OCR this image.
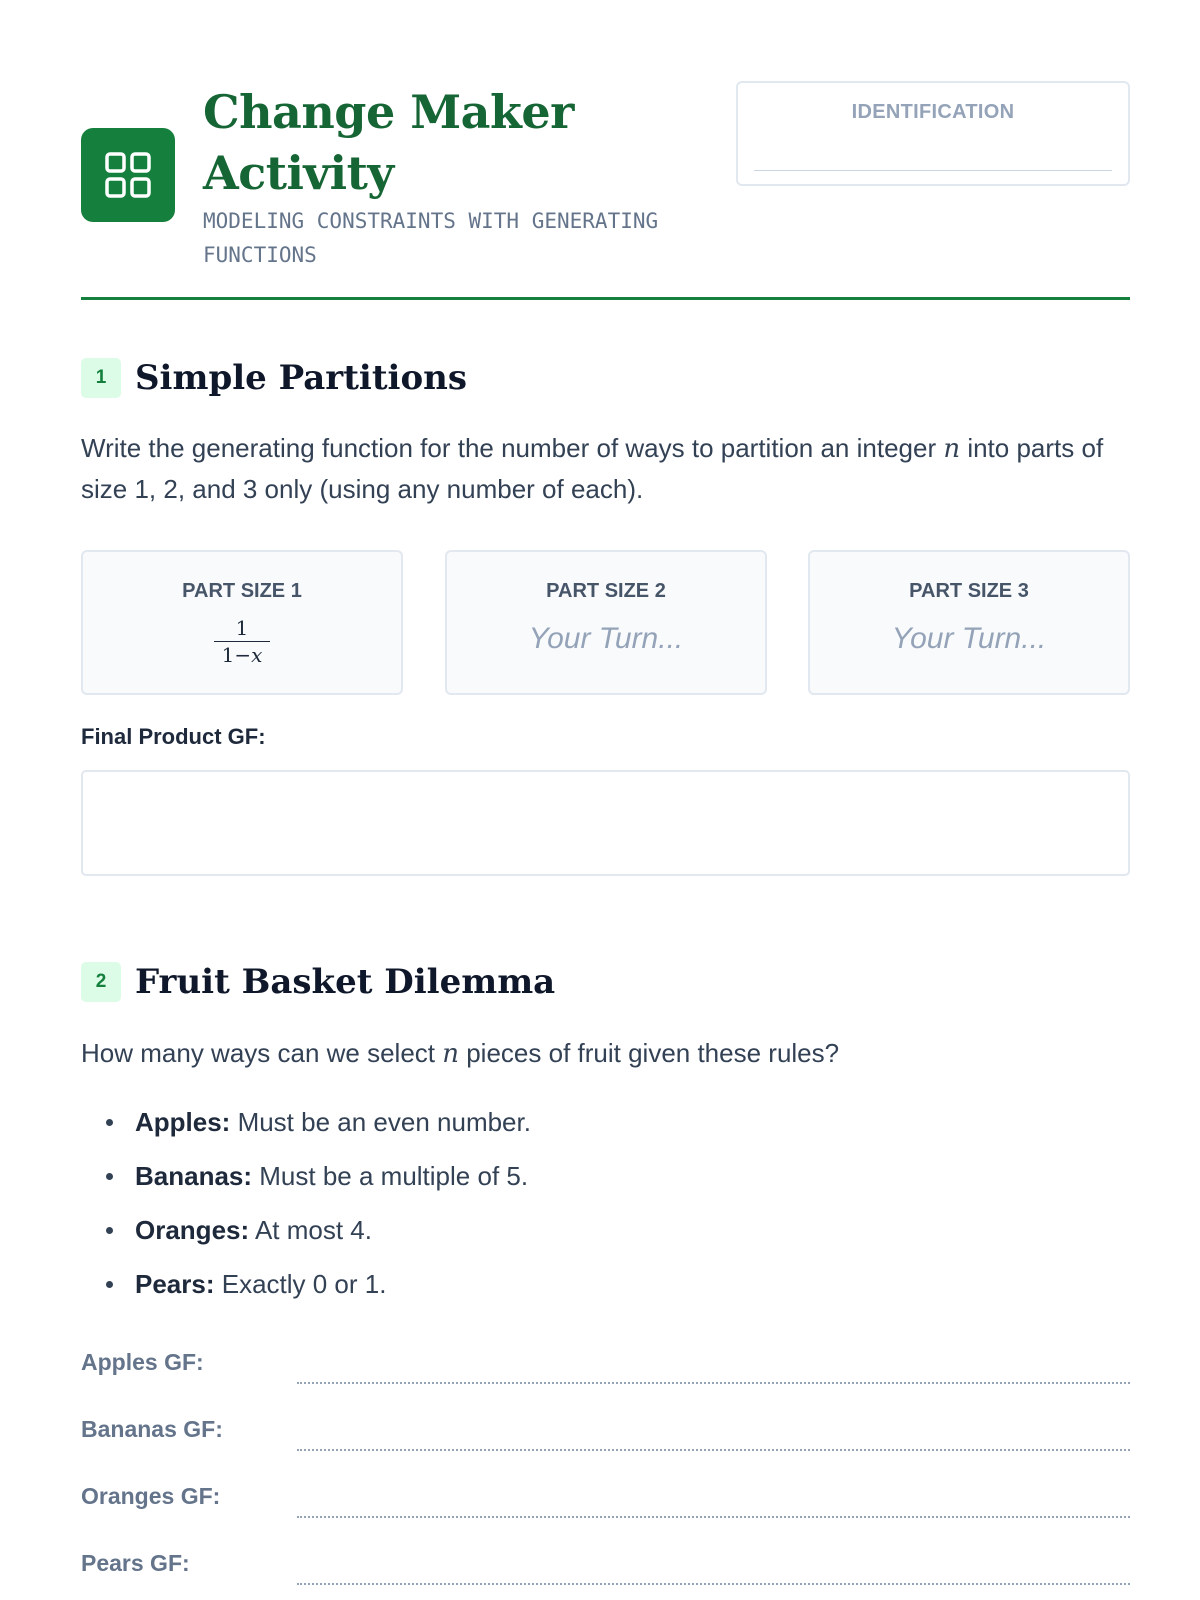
Change Maker Activity
MODELING CONSTRAINTS WITH GENERATING FUNCTIONS
IDENTIFICATION
1 Simple Partitions
Write the generating function for the number of ways to partition an integer n into parts of size 1, 2, and 3 only (using any number of each).
PART SIZE 1
1
1−x
PART SIZE 2
Your Turn...
PART SIZE 3
Your Turn...
Final Product GF:
2 Fruit Basket Dilemma
How many ways can we select n pieces of fruit given these rules?
Apples: Must be an even number.
Bananas: Must be a multiple of 5.
Oranges: At most 4.
Pears: Exactly 0 or 1.
Apples GF:
Bananas GF:
Oranges GF:
Pears GF:
